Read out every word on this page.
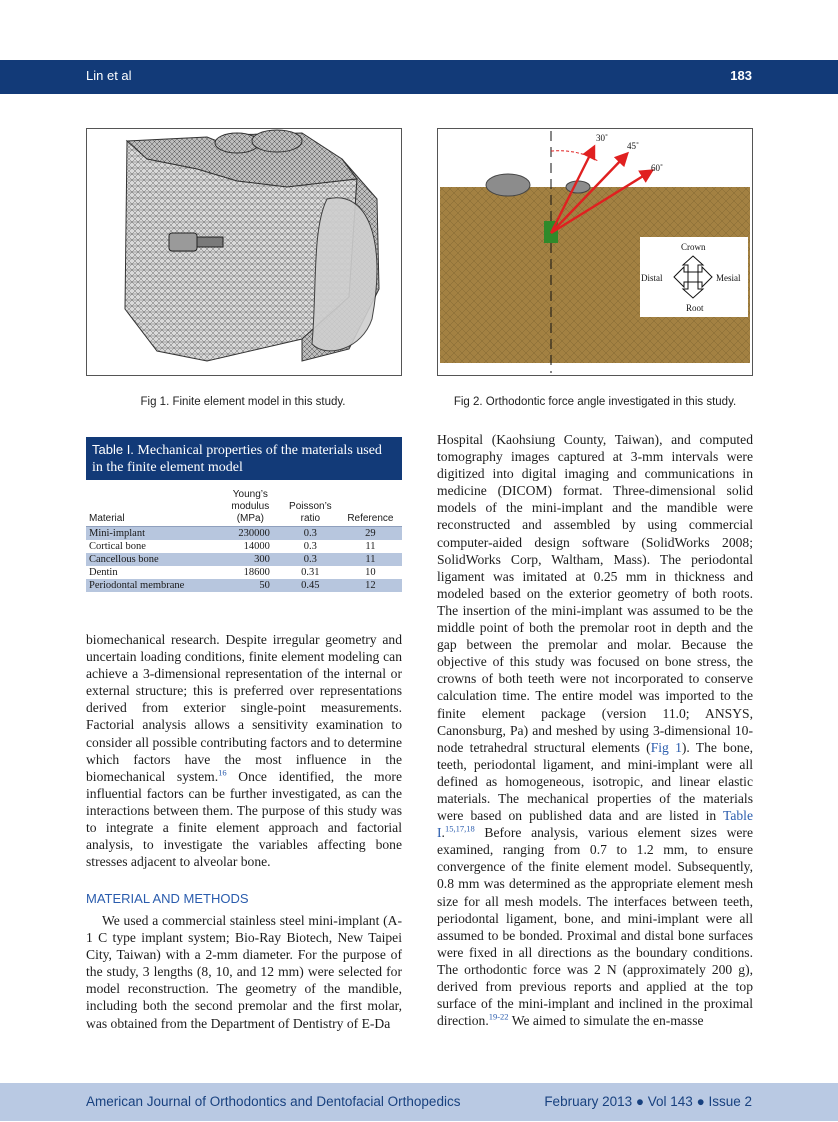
Lin et al	183
30˚
45˚
60˚
Crown
Root
Distal	Mesial
Fig 1. Finite element model in this study.	Fig 2. Orthodontic force angle investigated in this study.
Table I. Mechanical properties of the materials used in the finite element model
Material	Young’s modulus (MPa)	Poisson’s ratio	Reference
Mini-implant	230000	0.3	29
Cortical bone	14000	0.3	11
Cancellous bone	300	0.3	11
Dentin	18600	0.31	10
Periodontal membrane	50	0.45	12

biomechanical research. Despite irregular geometry and uncertain loading conditions, finite element modeling can achieve a 3-dimensional representation of the internal or external structure; this is preferred over representations derived from exterior single-point measurements. Factorial analysis allows a sensitivity examination to consider all possible contributing factors and to determine which factors have the most influence in the biomechanical system.$^{16}$ Once identified, the more influential factors can be further investigated, as can the interactions between them. The purpose of this study was to integrate a finite element approach and factorial analysis, to investigate the variables affecting bone stresses adjacent to alveolar bone.

MATERIAL AND METHODS

We used a commercial stainless steel mini-implant (A-1 C type implant system; Bio-Ray Biotech, New Taipei City, Taiwan) with a 2-mm diameter. For the purpose of the study, 3 lengths (8, 10, and 12 mm) were selected for model reconstruction. The geometry of the mandible, including both the second premolar and the first molar, was obtained from the Department of Dentistry of E-Da

Hospital (Kaohsiung County, Taiwan), and computed tomography images captured at 3-mm intervals were digitized into digital imaging and communications in medicine (DICOM) format. Three-dimensional solid models of the mini-implant and the mandible were reconstructed and assembled by using commercial computer-aided design software (SolidWorks 2008; SolidWorks Corp, Waltham, Mass). The periodontal ligament was imitated at 0.25 mm in thickness and modeled based on the exterior geometry of both roots. The insertion of the mini-implant was assumed to be the middle point of both the premolar root in depth and the gap between the premolar and molar. Because the objective of this study was focused on bone stress, the crowns of both teeth were not incorporated to conserve calculation time. The entire model was imported to the finite element package (version 11.0; ANSYS, Canonsburg, Pa) and meshed by using 3-dimensional 10-node tetrahedral structural elements (Fig 1). The bone, teeth, periodontal ligament, and mini-implant were all defined as homogeneous, isotropic, and linear elastic materials. The mechanical properties of the materials were based on published data and are listed in Table I.$^{15,17,18}$ Before analysis, various element sizes were examined, ranging from 0.7 to 1.2 mm, to ensure convergence of the finite element model. Subsequently, 0.8 mm was determined as the appropriate element mesh size for all mesh models. The interfaces between teeth, periodontal ligament, bone, and mini-implant were all assumed to be bonded. Proximal and distal bone surfaces were fixed in all directions as the boundary conditions. The orthodontic force was 2 N (approximately 200 g), derived from previous reports and applied at the top surface of the mini-implant and inclined in the proximal direction.$^{19-22}$ We aimed to simulate the en-masse

American Journal of Orthodontics and Dentofacial Orthopedics	February 2013 ● Vol 143 ● Issue 2
